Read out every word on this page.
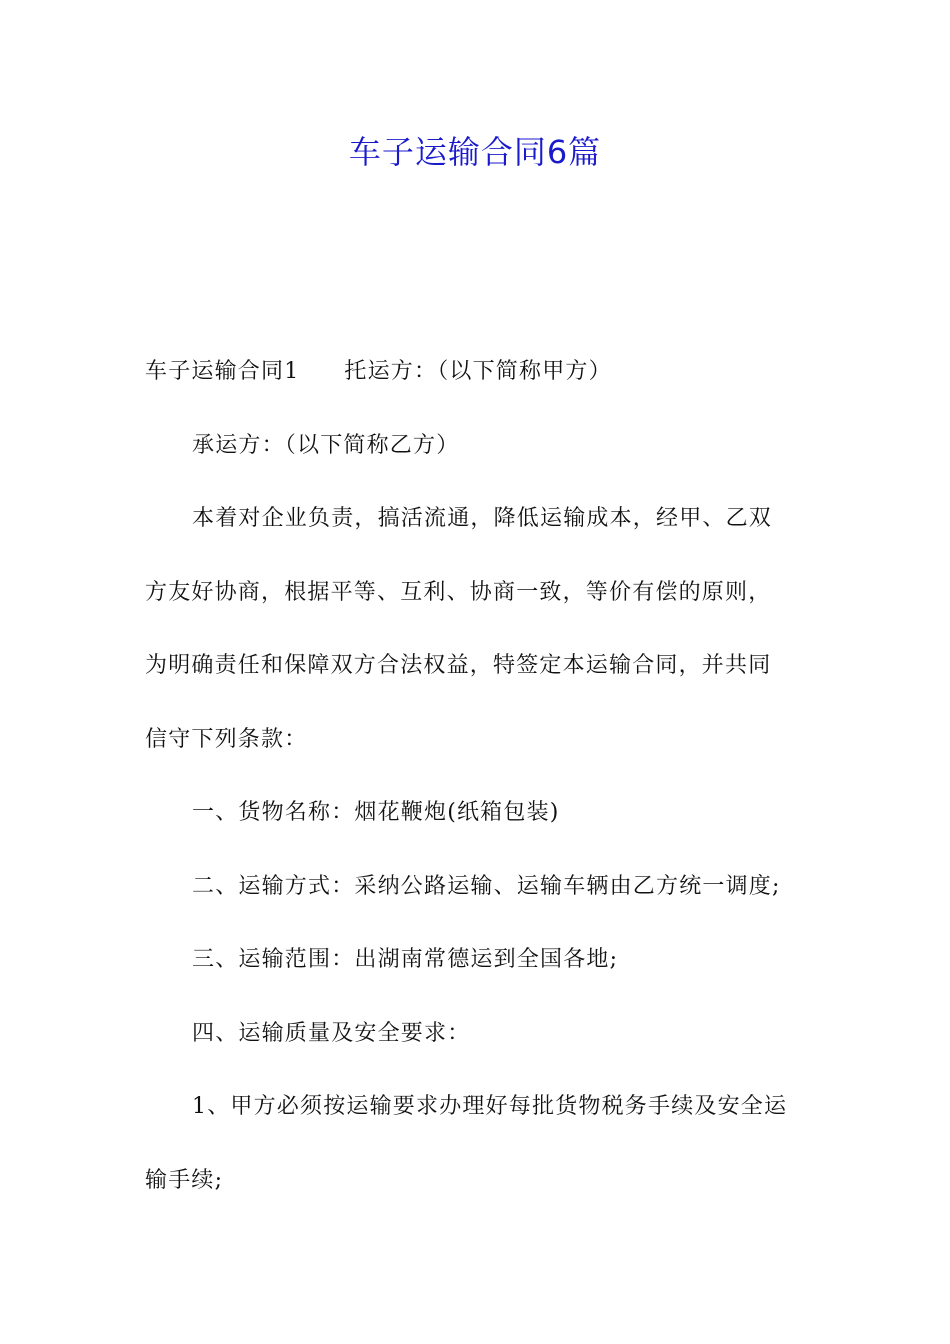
车子运输合同6篇
车子运输合同1 托运方：（以下简称甲方）
承运方：（以下简称乙方）
本着对企业负责，搞活流通，降低运输成本，经甲、乙双
方友好协商，根据平等、互利、协商一致，等价有偿的原则，
为明确责任和保障双方合法权益，特签定本运输合同，并共同
信守下列条款：
一、货物名称：烟花鞭炮(纸箱包装)
二、运输方式：采纳公路运输、运输车辆由乙方统一调度;
三、运输范围：出湖南常德运到全国各地;
四、运输质量及安全要求：
1、甲方必须按运输要求办理好每批货物税务手续及安全运
输手续;
